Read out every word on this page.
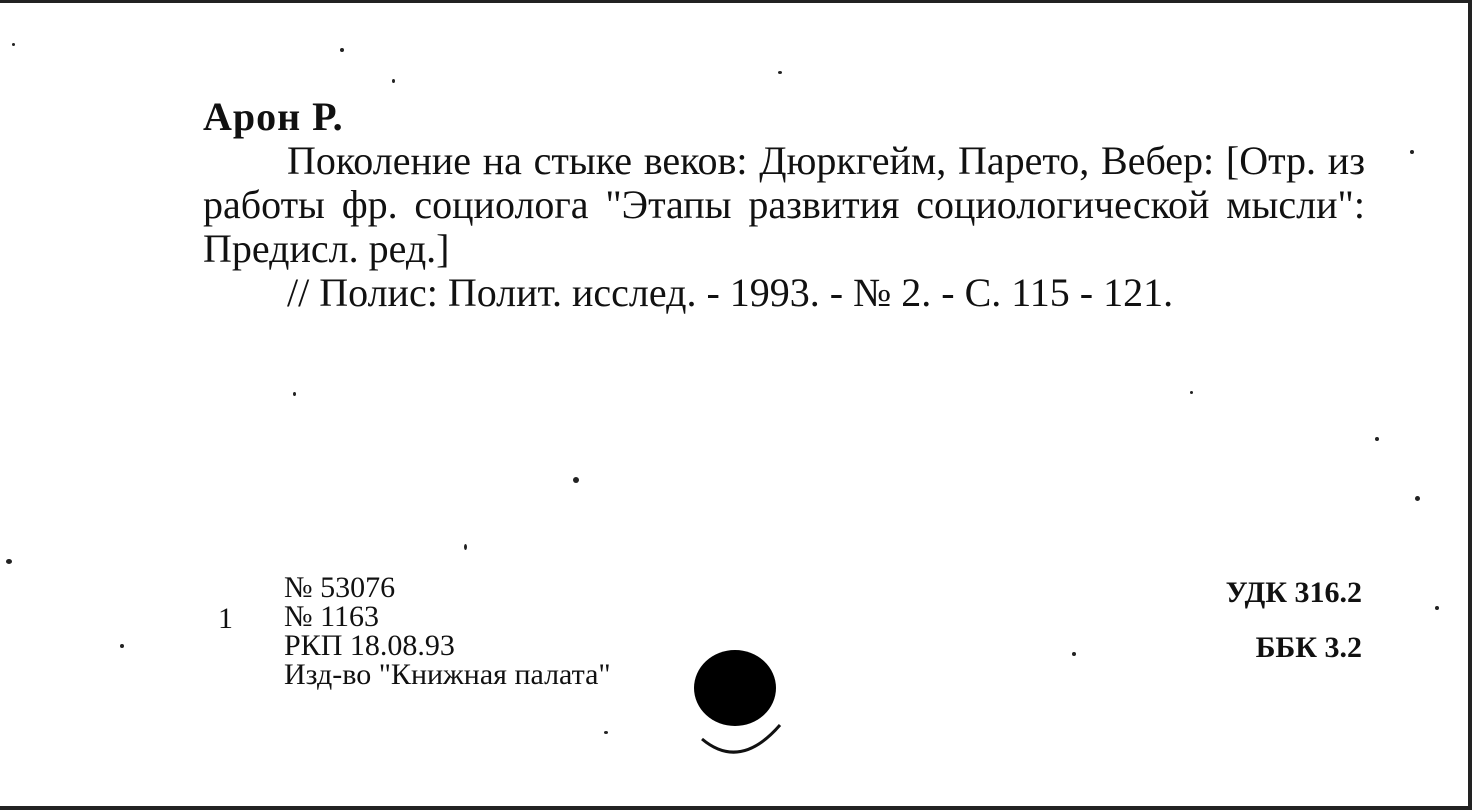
Арон Р.
Поколение на стыке веков: Дюркгейм, Парето, Вебер: [Отр. из работы фр. социолога "Этапы развития социологической мысли": Предисл. ред.]
// Полис: Полит. исслед. - 1993. - № 2. - С. 115 - 121.
1
№ 53076
№ 1163
РКП 18.08.93
Изд-во "Книжная палата"
УДК 316.2
ББК 3.2
